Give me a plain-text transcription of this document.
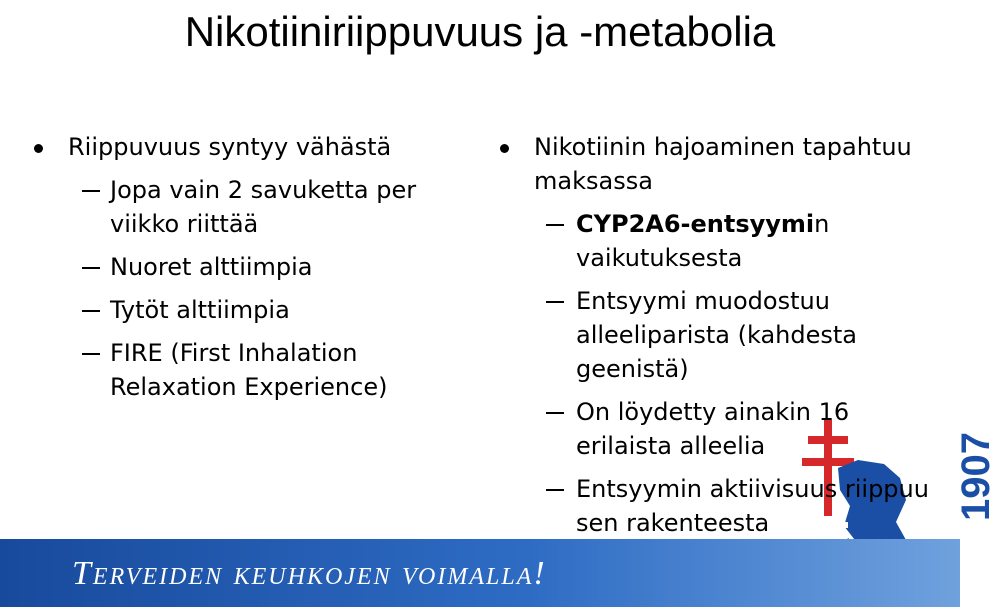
Nikotiiniriippuvuus ja -metabolia
Riippuvuus syntyy vähästä
Jopa vain 2 savuketta per viikko riittää
Nuoret alttiimpia
Tytöt alttiimpia
FIRE (First Inhalation Relaxation Experience)
1907
Nikotiinin hajoaminen tapahtuu maksassa
CYP2A6-entsyymin vaikutuksesta
Entsyymi muodostuu alleeliparista (kahdesta geenistä)
On löydetty ainakin 16 erilaista alleelia
Entsyymin aktiivisuus riippuu sen rakenteesta
Terveiden keuhkojen voimalla!
